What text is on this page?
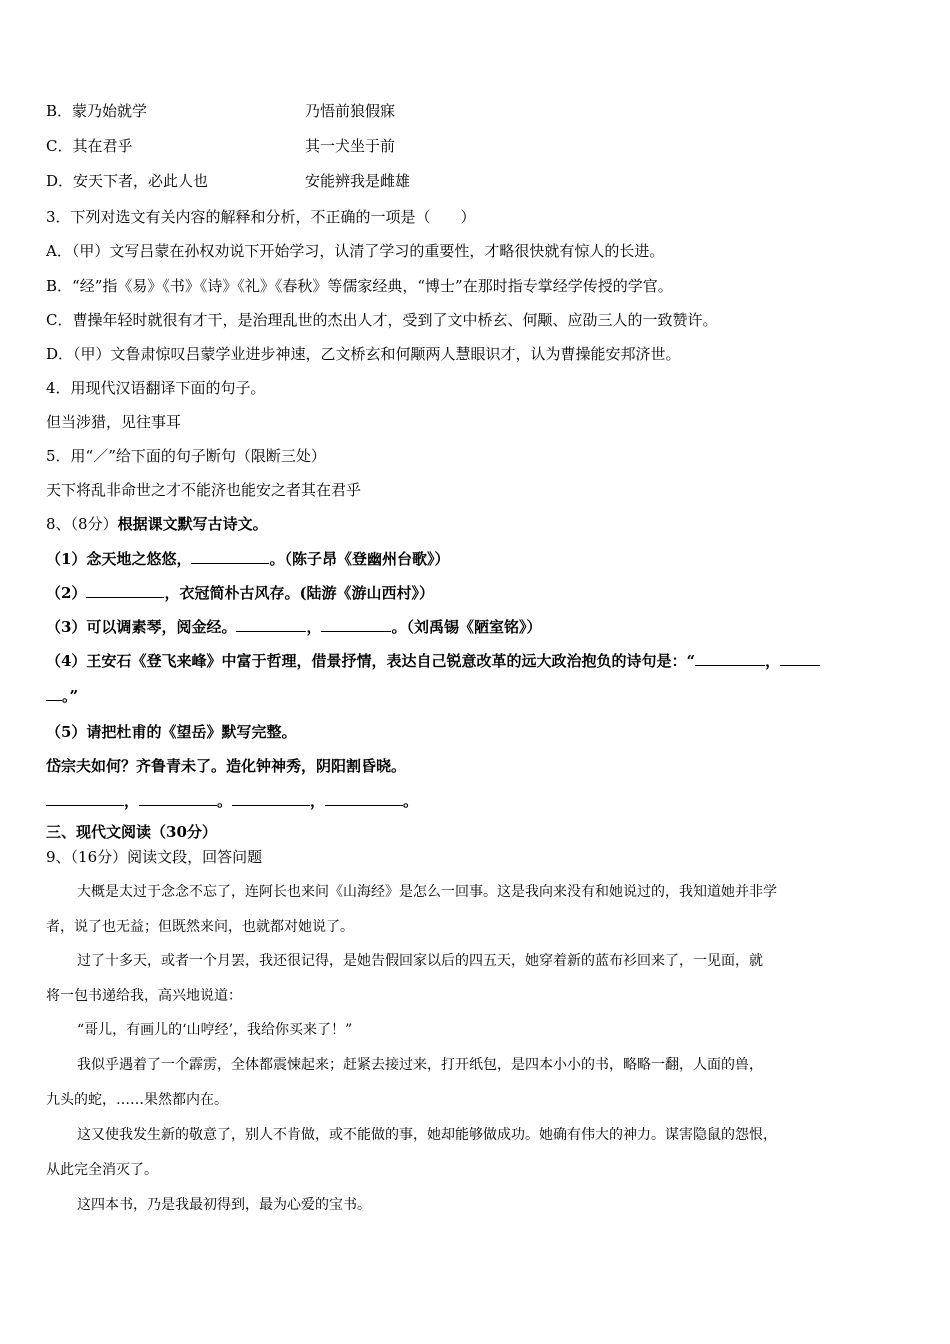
B．蒙乃始就学	乃悟前狼假寐
C．其在君乎	其一犬坐于前
D．安天下者，必此人也	安能辨我是雌雄
3．下列对选文有关内容的解释和分析，不正确的一项是（　　）
A．（甲）文写吕蒙在孙权劝说下开始学习，认清了学习的重要性，才略很快就有惊人的长进。
B．“经”指《易》《书》《诗》《礼》《春秋》等儒家经典，“博士”在那时指专掌经学传授的学官。
C．曹操年轻时就很有才干，是治理乱世的杰出人才，受到了文中桥玄、何颙、应劭三人的一致赞许。
D．（甲）文鲁肃惊叹吕蒙学业进步神速，乙文桥玄和何颙两人慧眼识才，认为曹操能安邦济世。
4．用现代汉语翻译下面的句子。
但当涉猎，见往事耳
5．用“／”给下面的句子断句（限断三处）
天下将乱非命世之才不能济也能安之者其在君乎
8、（8分）根据课文默写古诗文。
（1）念天地之悠悠，	。（陈子昂《登幽州台歌》）
（2）	，衣冠简朴古风存。(陆游《游山西村》）
（3）可以调素琴，阅金经。	，	。（刘禹锡《陋室铭》）
（4）王安石《登飞来峰》中富于哲理，借景抒情，表达自己锐意改革的远大政治抱负的诗句是：“	，
。”
（5）请把杜甫的《望岳》默写完整。
岱宗夫如何？齐鲁青未了。造化钟神秀，阴阳割昏晓。
，	。	，	。
三、现代文阅读（30分）
9、（16分）阅读文段，回答问题
大概是太过于念念不忘了，连阿长也来问《山海经》是怎么一回事。这是我向来没有和她说过的，我知道她并非学
者，说了也无益；但既然来问，也就都对她说了。
过了十多天，或者一个月罢，我还很记得，是她告假回家以后的四五天，她穿着新的蓝布衫回来了，一见面，就
将一包书递给我，高兴地说道：
“哥儿，有画儿的‘山哼经’，我给你买来了！”
我似乎遇着了一个霹雳，全体都震悚起来；赶紧去接过来，打开纸包，是四本小小的书，略略一翻，人面的兽，
九头的蛇，……果然都内在。
这又使我发生新的敬意了，别人不肯做，或不能做的事，她却能够做成功。她确有伟大的神力。谋害隐鼠的怨恨，
从此完全消灭了。
这四本书，乃是我最初得到，最为心爱的宝书。
